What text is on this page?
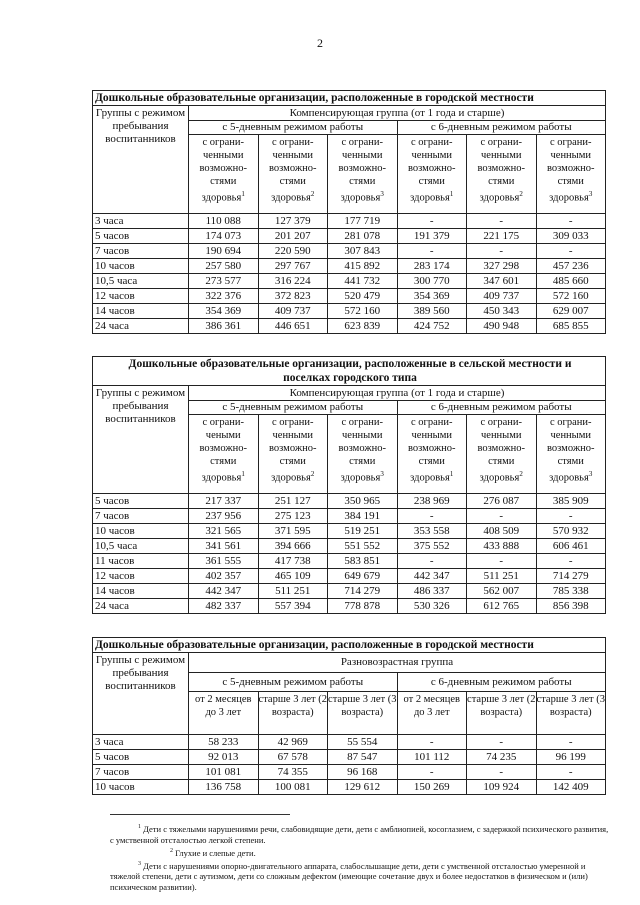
2
Дошкольные образовательные организации, расположенные в городской местности						
Группы с режимом пребывания воспитанников	Компенсирующая группа (от 1 года и старше)					
	с 5-дневным режимом работы			с 6-дневным режимом работы		
	с ограни-ченными возможно-стями здоровья$^1$	с ограни-ченными возможно-стями здоровья$^2$	с ограни-ченными возможно-стями здоровья$^3$	с ограни-ченными возможно-стями здоровья$^1$	с ограни-ченными возможно-стями здоровья$^2$	с ограни-ченными возможно-стями здоровья$^3$
3 часа	110 088	127 379	177 719	-	-	-
5 часов	174 073	201 207	281 078	191 379	221 175	309 033
7 часов	190 694	220 590	307 843	-	-	-
10 часов	257 580	297 767	415 892	283 174	327 298	457 236
10,5 часа	273 577	316 224	441 732	300 770	347 601	485 660
12 часов	322 376	372 823	520 479	354 369	409 737	572 160
14 часов	354 369	409 737	572 160	389 560	450 343	629 007
24 часа	386 361	446 651	623 839	424 752	490 948	685 855
Дошкольные образовательные организации, расположенные в сельской местности и
поселках городского типа						
Группы с режимом пребывания воспитанников	Компенсирующая группа (от 1 года и старше)					
	с 5-дневным режимом работы			с 6-дневным режимом работы		
	с ограни-чеными возможно-стями здоровья$^1$	с ограни-ченными возможно-стями здоровья$^2$	с ограни-ченными возможно-стями здоровья$^3$	с ограни-ченными возможно-стями здоровья$^1$	с ограни-ченными возможно-стями здоровья$^2$	с ограни-ченными возможно-стями здоровья$^3$
5 часов	217 337	251 127	350 965	238 969	276 087	385 909
7 часов	237 956	275 123	384 191	-	-	-
10 часов	321 565	371 595	519 251	353 558	408 509	570 932
10,5 часа	341 561	394 666	551 552	375 552	433 888	606 461
11 часов	361 555	417 738	583 851	-	-	-
12 часов	402 357	465 109	649 679	442 347	511 251	714 279
14 часов	442 347	511 251	714 279	486 337	562 007	785 338
24 часа	482 337	557 394	778 878	530 326	612 765	856 398
Дошкольные образовательные организации, расположенные в городской местности						
Группы с режимом пребывания воспитанников	Разновозрастная группа					
	с 5-дневным режимом работы			с 6-дневным режимом работы		
	от 2 месяцев до 3 лет	старше 3 лет (2 возраста)	старше 3 лет (3 возраста)	от 2 месяцев до 3 лет	старше 3 лет (2 возраста)	старше 3 лет (3 возраста)
3 часа	58 233	42 969	55 554	-	-	-
5 часов	92 013	67 578	87 547	101 112	74 235	96 199
7 часов	101 081	74 355	96 168	-	-	-
10 часов	136 758	100 081	129 612	150 269	109 924	142 409

$^1$ Дети с тяжелыми нарушениями речи, слабовидящие дети, дети с амблиопией, косоглазием, с задержкой психического развития, с умственной отсталостью легкой степени.

$^2$ Глухие и слепые дети.

$^3$ Дети с нарушениями опорно-двигательного аппарата, слабослышащие дети, дети с умственной отсталостью умеренной и тяжелой степени, дети с аутизмом, дети со сложным дефектом (имеющие сочетание двух и более недостатков в физическом и (или) психическом развитии).
